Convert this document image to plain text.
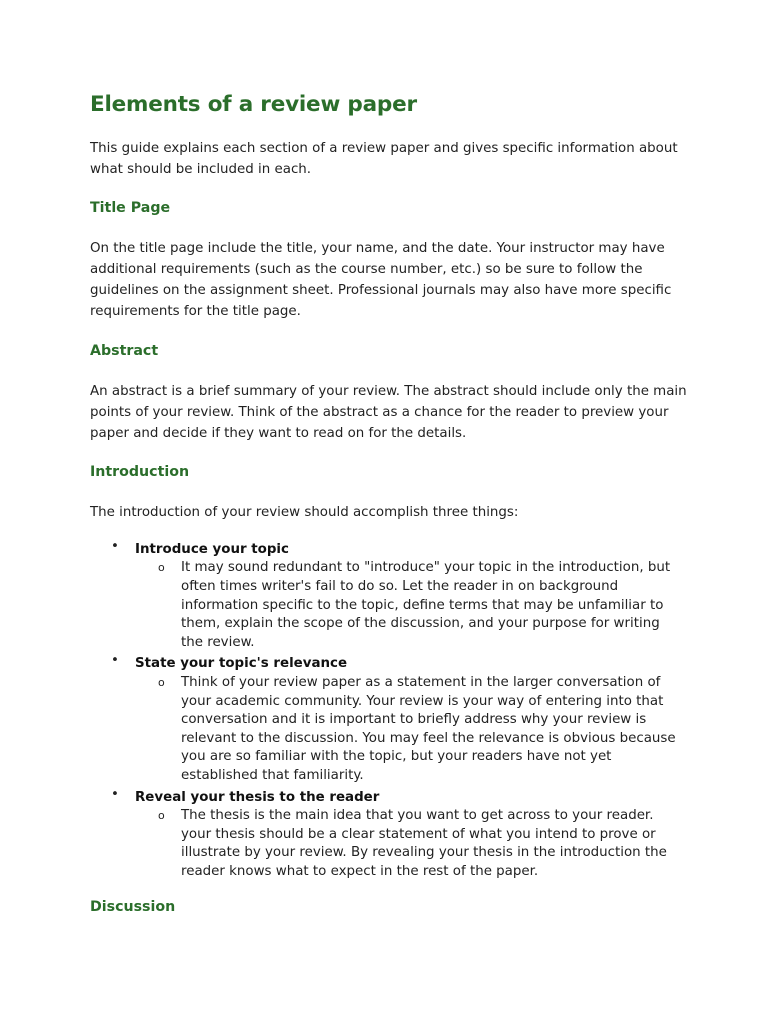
Elements of a review paper

This guide explains each section of a review paper and gives specific information about what should be included in each.

Title Page

On the title page include the title, your name, and the date. Your instructor may have additional requirements (such as the course number, etc.) so be sure to follow the guidelines on the assignment sheet. Professional journals may also have more specific requirements for the title page.

Abstract

An abstract is a brief summary of your review. The abstract should include only the main points of your review. Think of the abstract as a chance for the reader to preview your paper and decide if they want to read on for the details.

Introduction

The introduction of your review should accomplish three things:

• Introduce your topic
o It may sound redundant to "introduce" your topic in the introduction, but often times writer's fail to do so. Let the reader in on background information specific to the topic, define terms that may be unfamiliar to them, explain the scope of the discussion, and your purpose for writing the review.
• State your topic's relevance
o Think of your review paper as a statement in the larger conversation of your academic community. Your review is your way of entering into that conversation and it is important to briefly address why your review is relevant to the discussion. You may feel the relevance is obvious because you are so familiar with the topic, but your readers have not yet established that familiarity.
• Reveal your thesis to the reader
o The thesis is the main idea that you want to get across to your reader. your thesis should be a clear statement of what you intend to prove or illustrate by your review. By revealing your thesis in the introduction the reader knows what to expect in the rest of the paper.
Discussion
